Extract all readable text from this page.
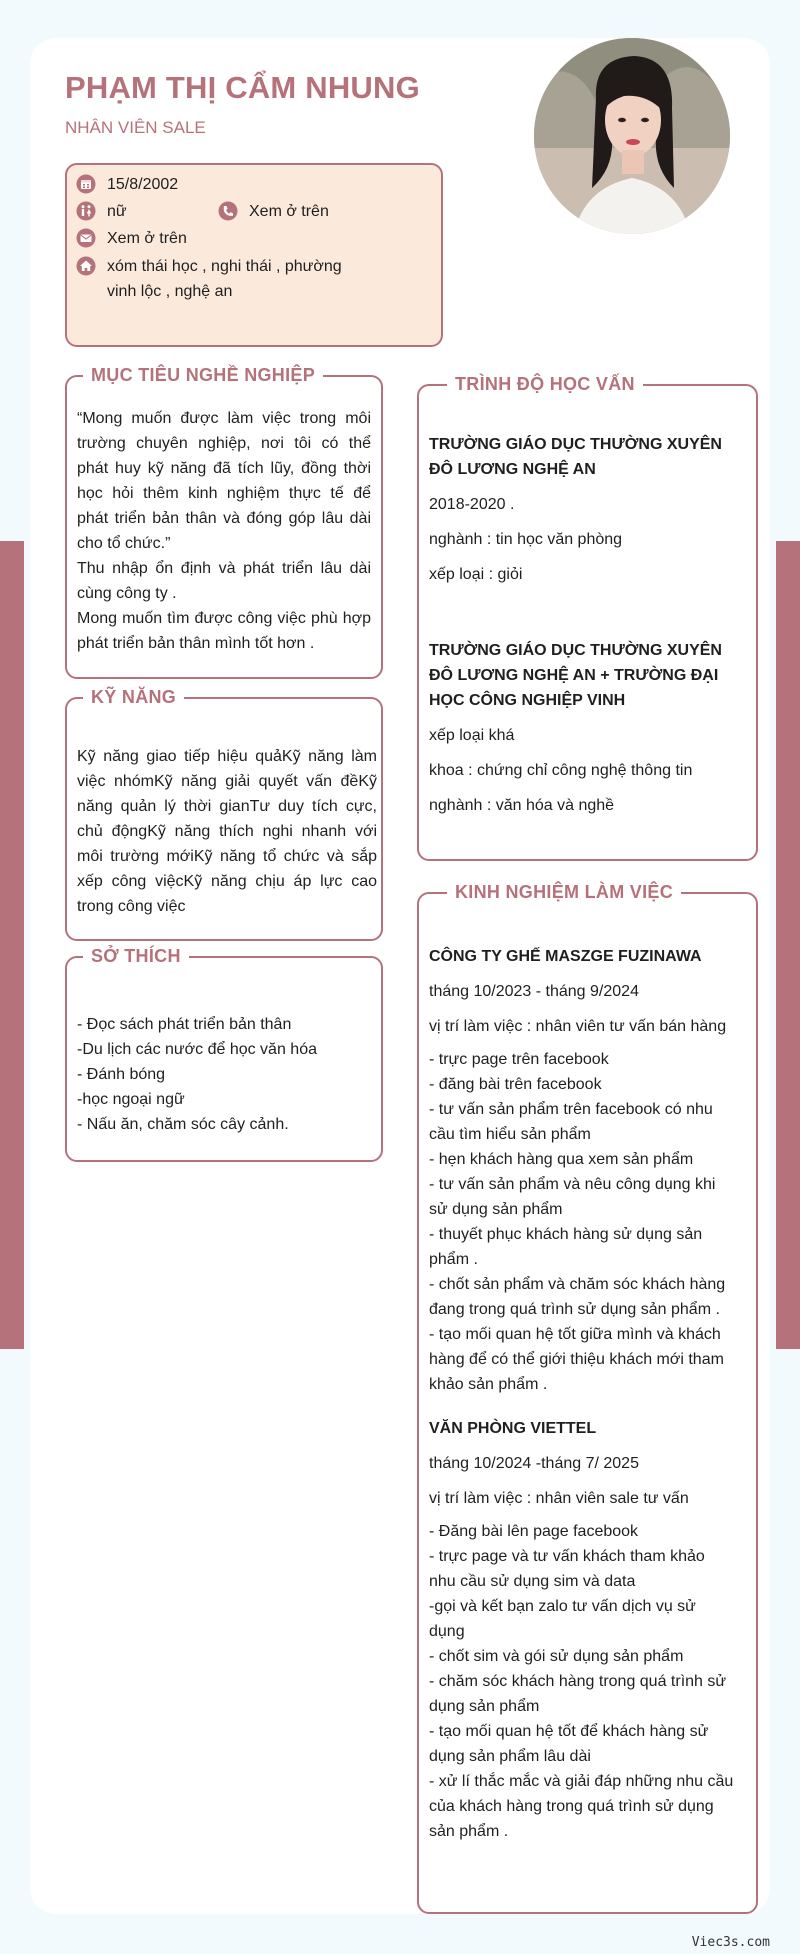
PHẠM THỊ CẨM NHUNG
NHÂN VIÊN SALE
15/8/2002
nữ	Xem ở trên
Xem ở trên
xóm thái học , nghi thái , phường vinh lộc , nghệ an
MỤC TIÊU NGHỀ NGHIỆP
“Mong muốn được làm việc trong môi trường chuyên nghiệp, nơi tôi có thể phát huy kỹ năng đã tích lũy, đồng thời học hỏi thêm kinh nghiệm thực tế để phát triển bản thân và đóng góp lâu dài cho tổ chức.”
Thu nhập ổn định và phát triển lâu dài cùng công ty .
Mong muốn tìm được công việc phù hợp phát triển bản thân mình tốt hơn .
KỸ NĂNG
Kỹ năng giao tiếp hiệu quảKỹ năng làm việc nhómKỹ năng giải quyết vấn đềKỹ năng quản lý thời gianTư duy tích cực, chủ độngKỹ năng thích nghi nhanh với môi trường mớiKỹ năng tổ chức và sắp xếp công việcKỹ năng chịu áp lực cao trong công việc
SỞ THÍCH
- Đọc sách phát triển bản thân
-Du lịch các nước để học văn hóa
- Đánh bóng
-học ngoại ngữ
- Nấu ăn, chăm sóc cây cảnh.
TRÌNH ĐỘ HỌC VẤN
TRƯỜNG GIÁO DỤC THƯỜNG XUYÊN ĐÔ LƯƠNG NGHỆ AN
2018-2020 .
nghành : tin học văn phòng
xếp loại : giỏi
TRƯỜNG GIÁO DỤC THƯỜNG XUYÊN ĐÔ LƯƠNG NGHỆ AN + TRƯỜNG ĐẠI HỌC CÔNG NGHIỆP VINH
xếp loại khá
khoa : chứng chỉ công nghệ thông tin
nghành : văn hóa và nghề
KINH NGHIỆM LÀM VIỆC
CÔNG TY GHẾ MASZGE FUZINAWA
tháng 10/2023 - tháng 9/2024
vị trí làm việc : nhân viên tư vấn bán hàng
- trực page trên facebook
- đăng bài trên facebook
- tư vấn sản phẩm trên facebook có nhu cầu tìm hiểu sản phẩm
- hẹn khách hàng qua xem sản phẩm
- tư vấn sản phẩm và nêu công dụng khi sử dụng sản phẩm
- thuyết phục khách hàng sử dụng sản phẩm .
- chốt sản phẩm và chăm sóc khách hàng đang trong quá trình sử dụng sản phẩm .
- tạo mối quan hệ tốt giữa mình và khách hàng để có thể giới thiệu khách mới tham khảo sản phẩm .
VĂN PHÒNG VIETTEL
tháng 10/2024 -tháng 7/ 2025
vị trí làm việc : nhân viên sale tư vấn
- Đăng bài lên page facebook
- trực page và tư vấn khách tham khảo nhu cầu sử dụng sim và data
-gọi và kết bạn zalo tư vấn dịch vụ sử dụng
- chốt sim và gói sử dụng sản phẩm
- chăm sóc khách hàng trong quá trình sử dụng sản phẩm
- tạo mối quan hệ tốt để khách hàng sử dụng sản phẩm lâu dài
- xử lí thắc mắc và giải đáp những nhu cầu của khách hàng trong quá trình sử dụng sản phẩm .
Viec3s.com
